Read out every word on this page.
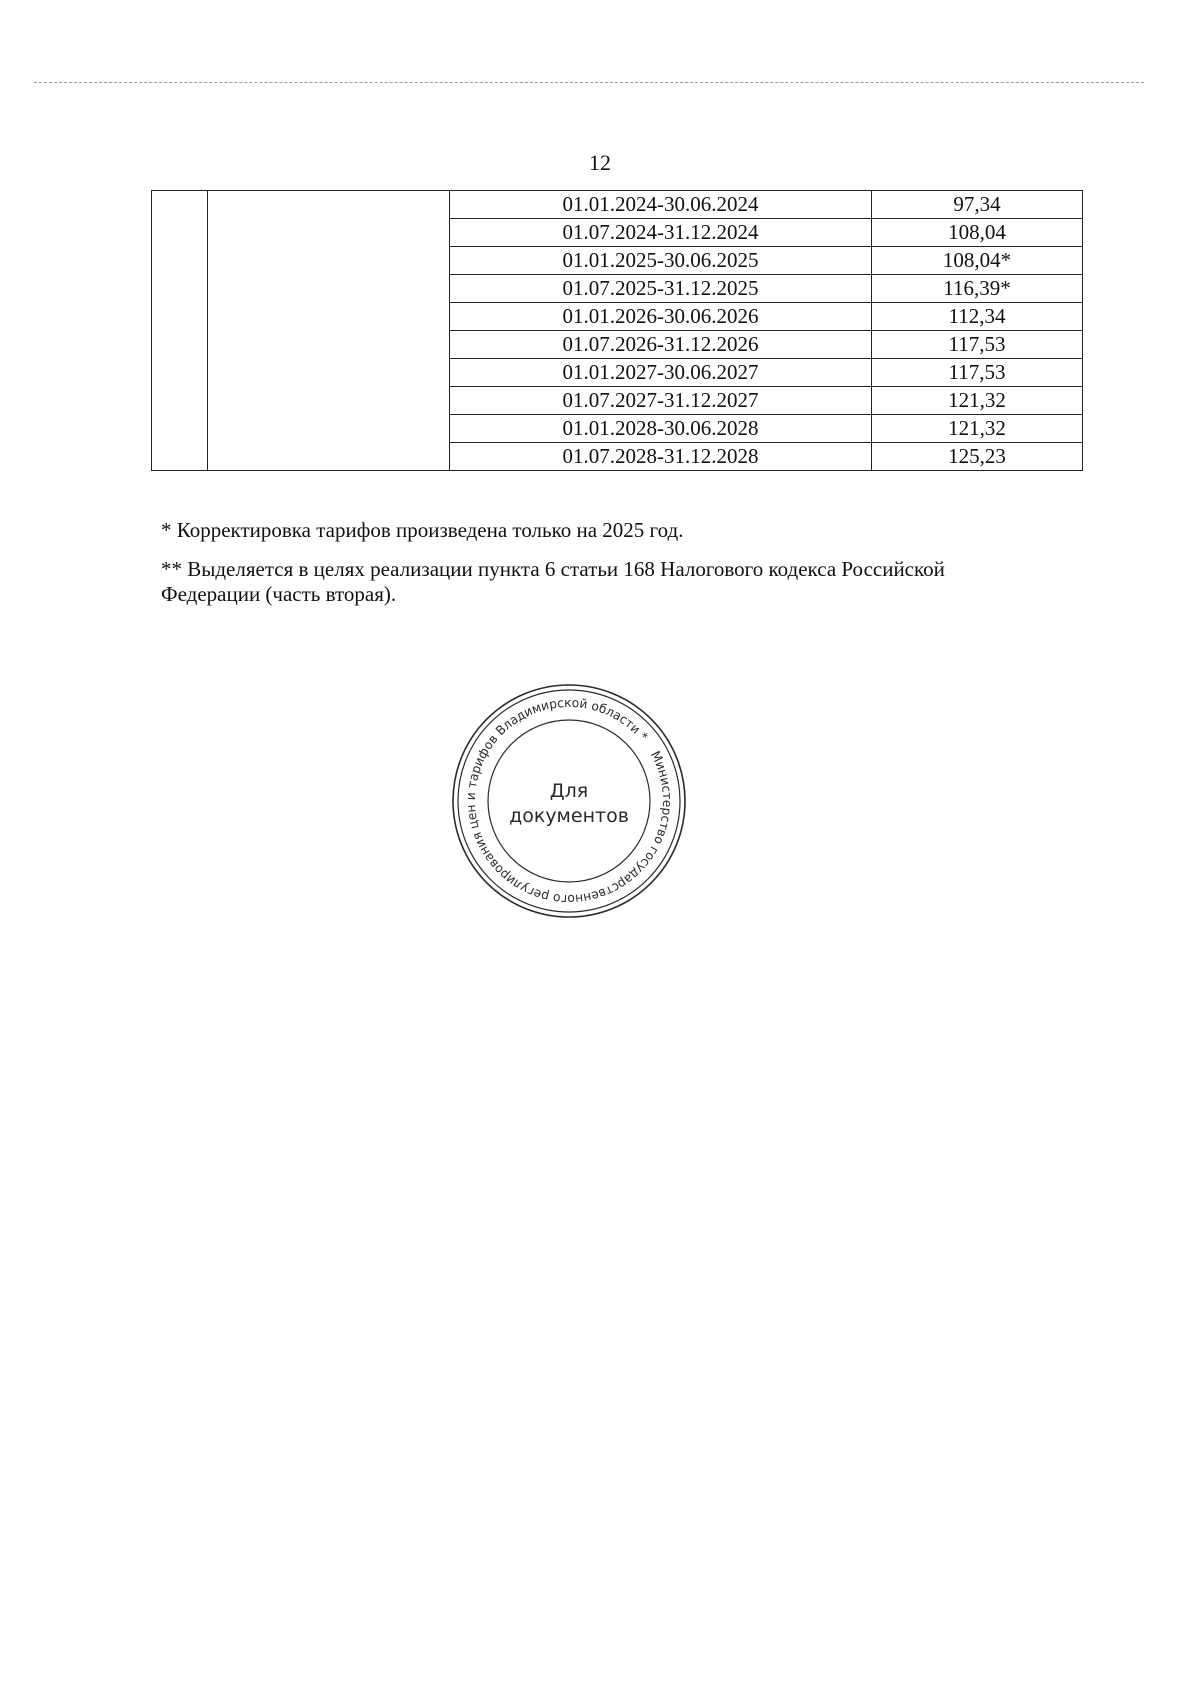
12
		01.01.2024-30.06.2024	97,34
		01.07.2024-31.12.2024	108,04
		01.01.2025-30.06.2025	108,04*
		01.07.2025-31.12.2025	116,39*
		01.01.2026-30.06.2026	112,34
		01.07.2026-31.12.2026	117,53
		01.01.2027-30.06.2027	117,53
		01.07.2027-31.12.2027	121,32
		01.01.2028-30.06.2028	121,32
		01.07.2028-31.12.2028	125,23

* Корректировка тарифов произведена только на 2025 год.

** Выделяется в целях реализации пункта 6 статьи 168 Налогового кодекса Российской
Федерации (часть вторая).

Министерство государственного регулирования цен и тарифов Владимирской области *
Для
документов
